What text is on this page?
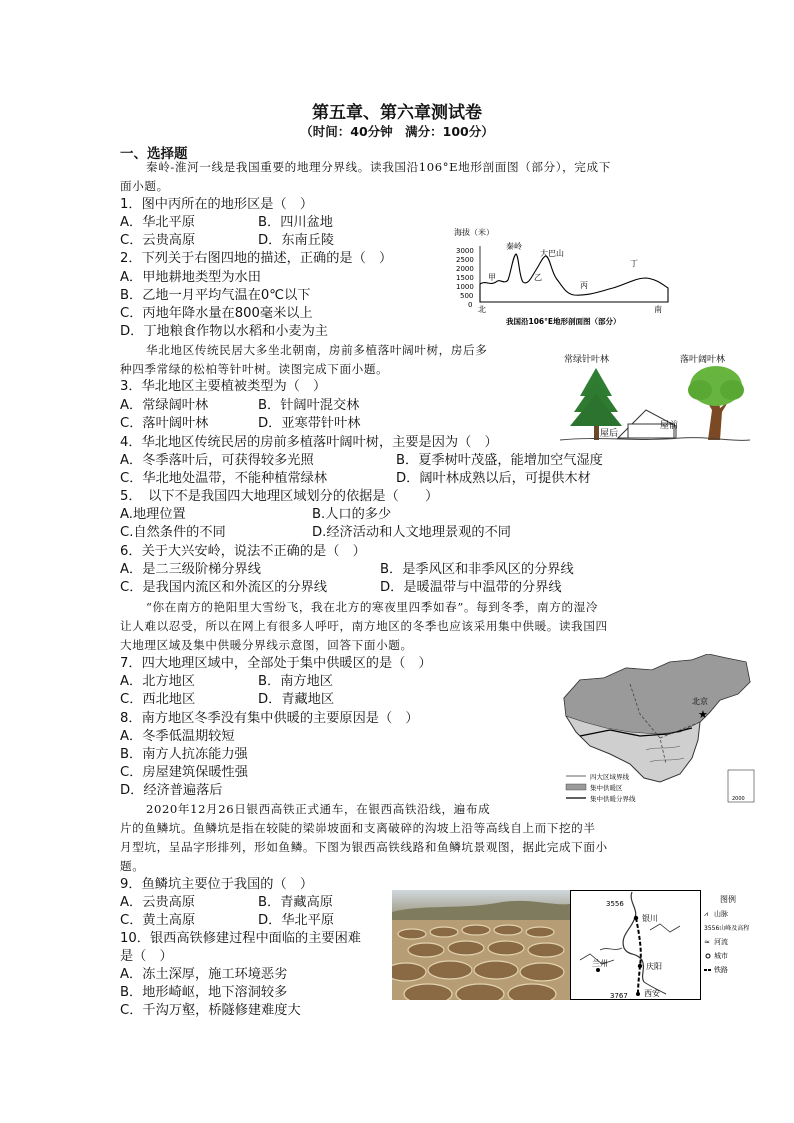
第五章、第六章测试卷
（时间：40分钟　满分：100分）
一、选择题
秦岭-淮河一线是我国重要的地理分界线。读我国沿106°E地形剖面图（部分），完成下
面小题。
1．图中丙所在的地形区是（　）
A．华北平原	B．四川盆地
C．云贵高原	D．东南丘陵
2．下列关于右图四地的描述，正确的是（　）
A．甲地耕地类型为水田
B．乙地一月平均气温在0℃以下
C．丙地年降水量在800毫米以上
D．丁地粮食作物以水稻和小麦为主
海拔（米）
3000
2500
2000
1500
1000
500
0
秦岭
大巴山
甲	乙
丙
丁
北	南
我国沿106°E地形剖面图（部分）
华北地区传统民居大多坐北朝南，房前多植落叶阔叶树，房后多
种四季常绿的松柏等针叶树。读图完成下面小题。
常绿针叶林	落叶阔叶林
屋后
屋前
3．华北地区主要植被类型为（　）
A．常绿阔叶林	B．针阔叶混交林
C．落叶阔叶林	D．亚寒带针叶林
4．华北地区传统民居的房前多植落叶阔叶树，主要是因为（　）
A．冬季落叶后，可获得较多光照	B．夏季树叶茂盛，能增加空气湿度
C．华北地处温带，不能种植常绿林	D．阔叶林成熟以后，可提供木材
5．　以下不是我国四大地理区域划分的依据是（　　）
A.地理位置	B.人口的多少
C.自然条件的不同	D.经济活动和人文地理景观的不同
6．关于大兴安岭，说法不正确的是（　）
A．是二三级阶梯分界线	B．是季风区和非季风区的分界线
C．是我国内流区和外流区的分界线	D．是暖温带与中温带的分界线
“你在南方的艳阳里大雪纷飞，我在北方的寒夜里四季如春”。每到冬季，南方的湿冷
让人难以忍受，所以在网上有很多人呼吁，南方地区的冬季也应该采用集中供暖。读我国四
大地理区域及集中供暖分界线示意图，回答下面小题。
7．四大地理区域中，全部处于集中供暖区的是（　）
A．北方地区	B．南方地区
C．西北地区	D．青藏地区
8．南方地区冬季没有集中供暖的主要原因是（　）
A．冬季低温期较短
B．南方人抗冻能力强
C．房屋建筑保暖性强
D．经济普遍落后
北京
★
四大区域界线
集中供暖区
集中供暖分界线	2000
2020年12月26日银西高铁正式通车，在银西高铁沿线，遍布成
片的鱼鳞坑。鱼鳞坑是指在较陡的梁峁坡面和支离破碎的沟坡上沿等高线自上而下挖的半
月型坑，呈品字形排列，形如鱼鳞。下图为银西高铁线路和鱼鳞坑景观图，据此完成下面小
题。
9．鱼鳞坑主要位于我国的（　）
A．云贵高原	B．青藏高原
C．黄土高原	D．华北平原
10．银西高铁修建过程中面临的主要困难
是（　）
A．冻土深厚，施工环境恶劣
B．地形崎岖，地下溶洞较多
C．千沟万壑，桥隧修建难度大
银川
庆阳
兰州
西安
3556
3767
图例
⩘ 山脉
3556山峰及高程
≈ 河流
城市
铁路
